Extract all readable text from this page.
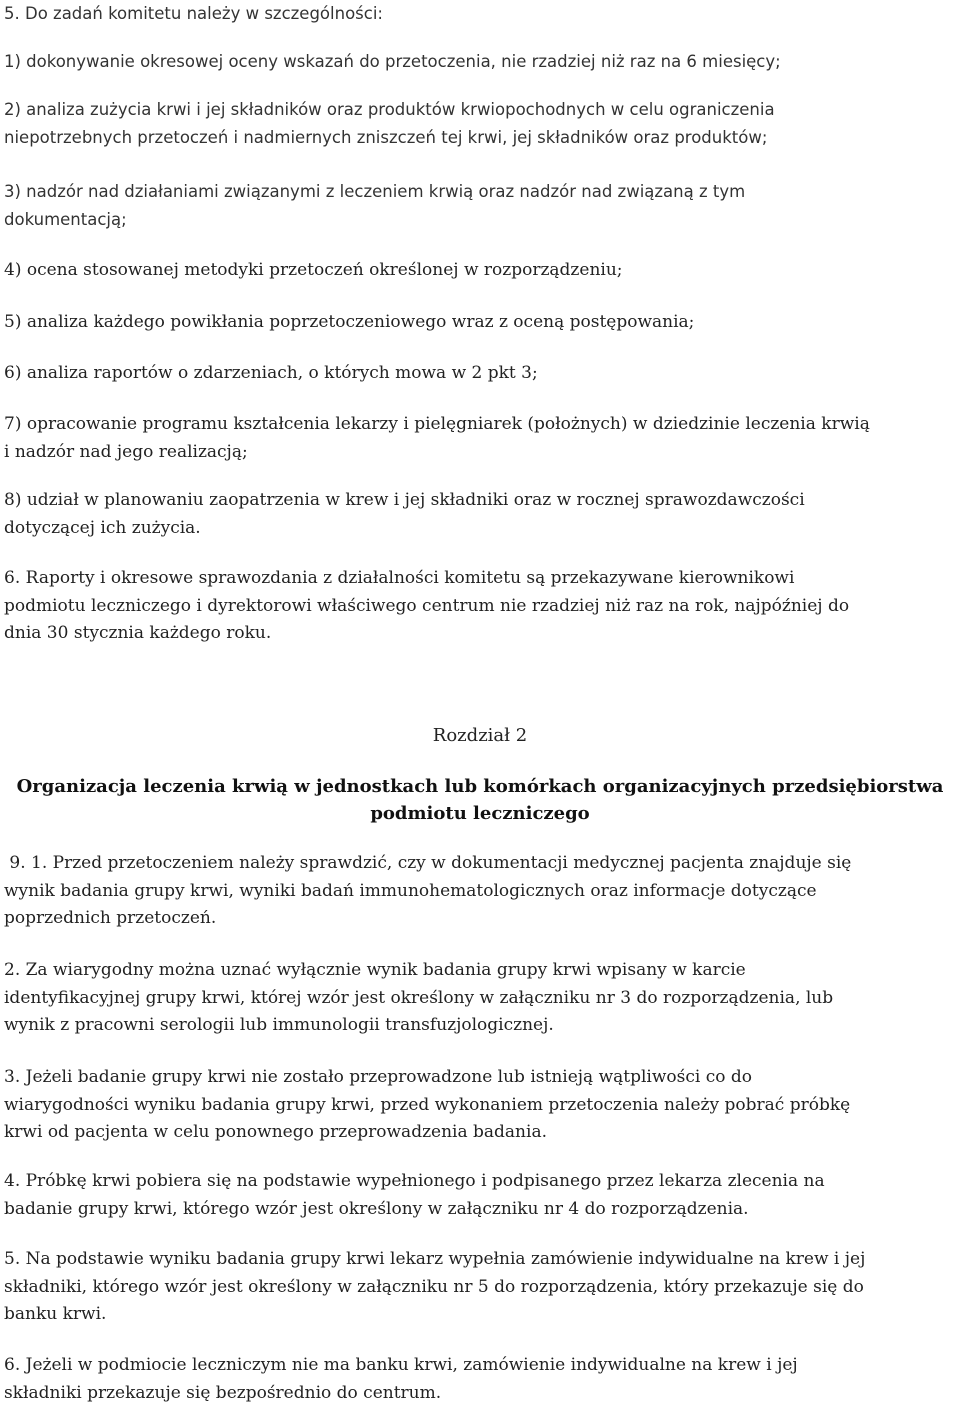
5. Do zadań komitetu należy w szczególności:

1) dokonywanie okresowej oceny wskazań do przetoczenia, nie rzadziej niż raz na 6 miesięcy;

2) analiza zużycia krwi i jej składników oraz produktów krwiopochodnych w celu ograniczenia

niepotrzebnych przetoczeń i nadmiernych zniszczeń tej krwi, jej składników oraz produktów;

3) nadzór nad działaniami związanymi z leczeniem krwią oraz nadzór nad związaną z tym

dokumentacją;

4) ocena stosowanej metodyki przetoczeń określonej w rozporządzeniu;

5) analiza każdego powikłania poprzetoczeniowego wraz z oceną postępowania;

6) analiza raportów o zdarzeniach, o których mowa w 2 pkt 3;

7) opracowanie programu kształcenia lekarzy i pielęgniarek (położnych) w dziedzinie leczenia krwią

i nadzór nad jego realizacją;

8) udział w planowaniu zaopatrzenia w krew i jej składniki oraz w rocznej sprawozdawczości

dotyczącej ich zużycia.

6. Raporty i okresowe sprawozdania z działalności komitetu są przekazywane kierownikowi

podmiotu leczniczego i dyrektorowi właściwego centrum nie rzadziej niż raz na rok, najpóźniej do

dnia 30 stycznia każdego roku.

Rozdział 2

Organizacja leczenia krwią w jednostkach lub komórkach organizacyjnych przedsiębiorstwa

podmiotu leczniczego

9. 1. Przed przetoczeniem należy sprawdzić, czy w dokumentacji medycznej pacjenta znajduje się

wynik badania grupy krwi, wyniki badań immunohematologicznych oraz informacje dotyczące

poprzednich przetoczeń.

2. Za wiarygodny można uznać wyłącznie wynik badania grupy krwi wpisany w karcie

identyfikacyjnej grupy krwi, której wzór jest określony w załączniku nr 3 do rozporządzenia, lub

wynik z pracowni serologii lub immunologii transfuzjologicznej.

3. Jeżeli badanie grupy krwi nie zostało przeprowadzone lub istnieją wątpliwości co do

wiarygodności wyniku badania grupy krwi, przed wykonaniem przetoczenia należy pobrać próbkę

krwi od pacjenta w celu ponownego przeprowadzenia badania.

4. Próbkę krwi pobiera się na podstawie wypełnionego i podpisanego przez lekarza zlecenia na

badanie grupy krwi, którego wzór jest określony w załączniku nr 4 do rozporządzenia.

5. Na podstawie wyniku badania grupy krwi lekarz wypełnia zamówienie indywidualne na krew i jej

składniki, którego wzór jest określony w załączniku nr 5 do rozporządzenia, który przekazuje się do

banku krwi.

6. Jeżeli w podmiocie leczniczym nie ma banku krwi, zamówienie indywidualne na krew i jej

składniki przekazuje się bezpośrednio do centrum.
